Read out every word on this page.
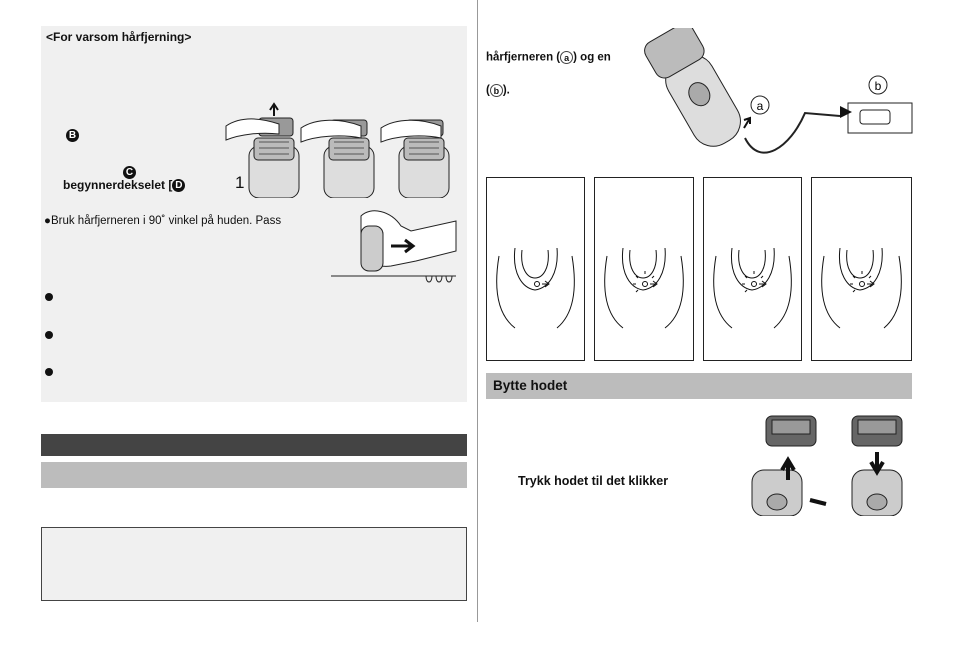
<For varsom hårfjerning>
B
C
begynnerdekselet [ D	1
●Bruk hårfjerneren i 90˚ vinkel på huden. Pass
hårfjerneren ( a ) og en
( b ).
a
b
Bytte hodet
Trykk hodet til det klikker
